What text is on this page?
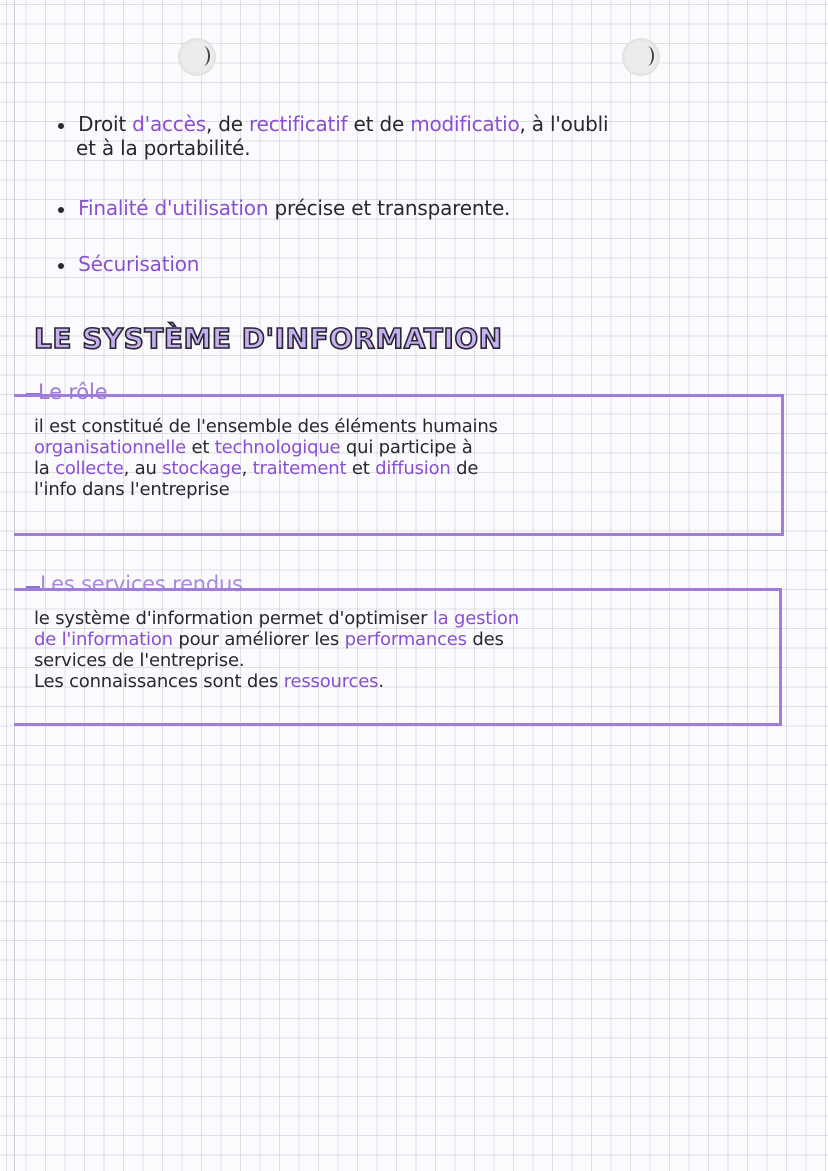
Droit d'accès, de rectificatif et de modificatio, à l'oubli
et à la portabilité.
Finalité d'utilisation précise et transparente.
Sécurisation
LE SYSTÈME D'INFORMATION
Le rôle
il est constitué de l'ensemble des éléments humains
organisationnelle et technologique qui participe à
la collecte, au stockage, traitement et diffusion de
l'info dans l'entreprise
Les services rendus
le système d'information permet d'optimiser la gestion
de l'information pour améliorer les performances des
services de l'entreprise.
Les connaissances sont des ressources.
